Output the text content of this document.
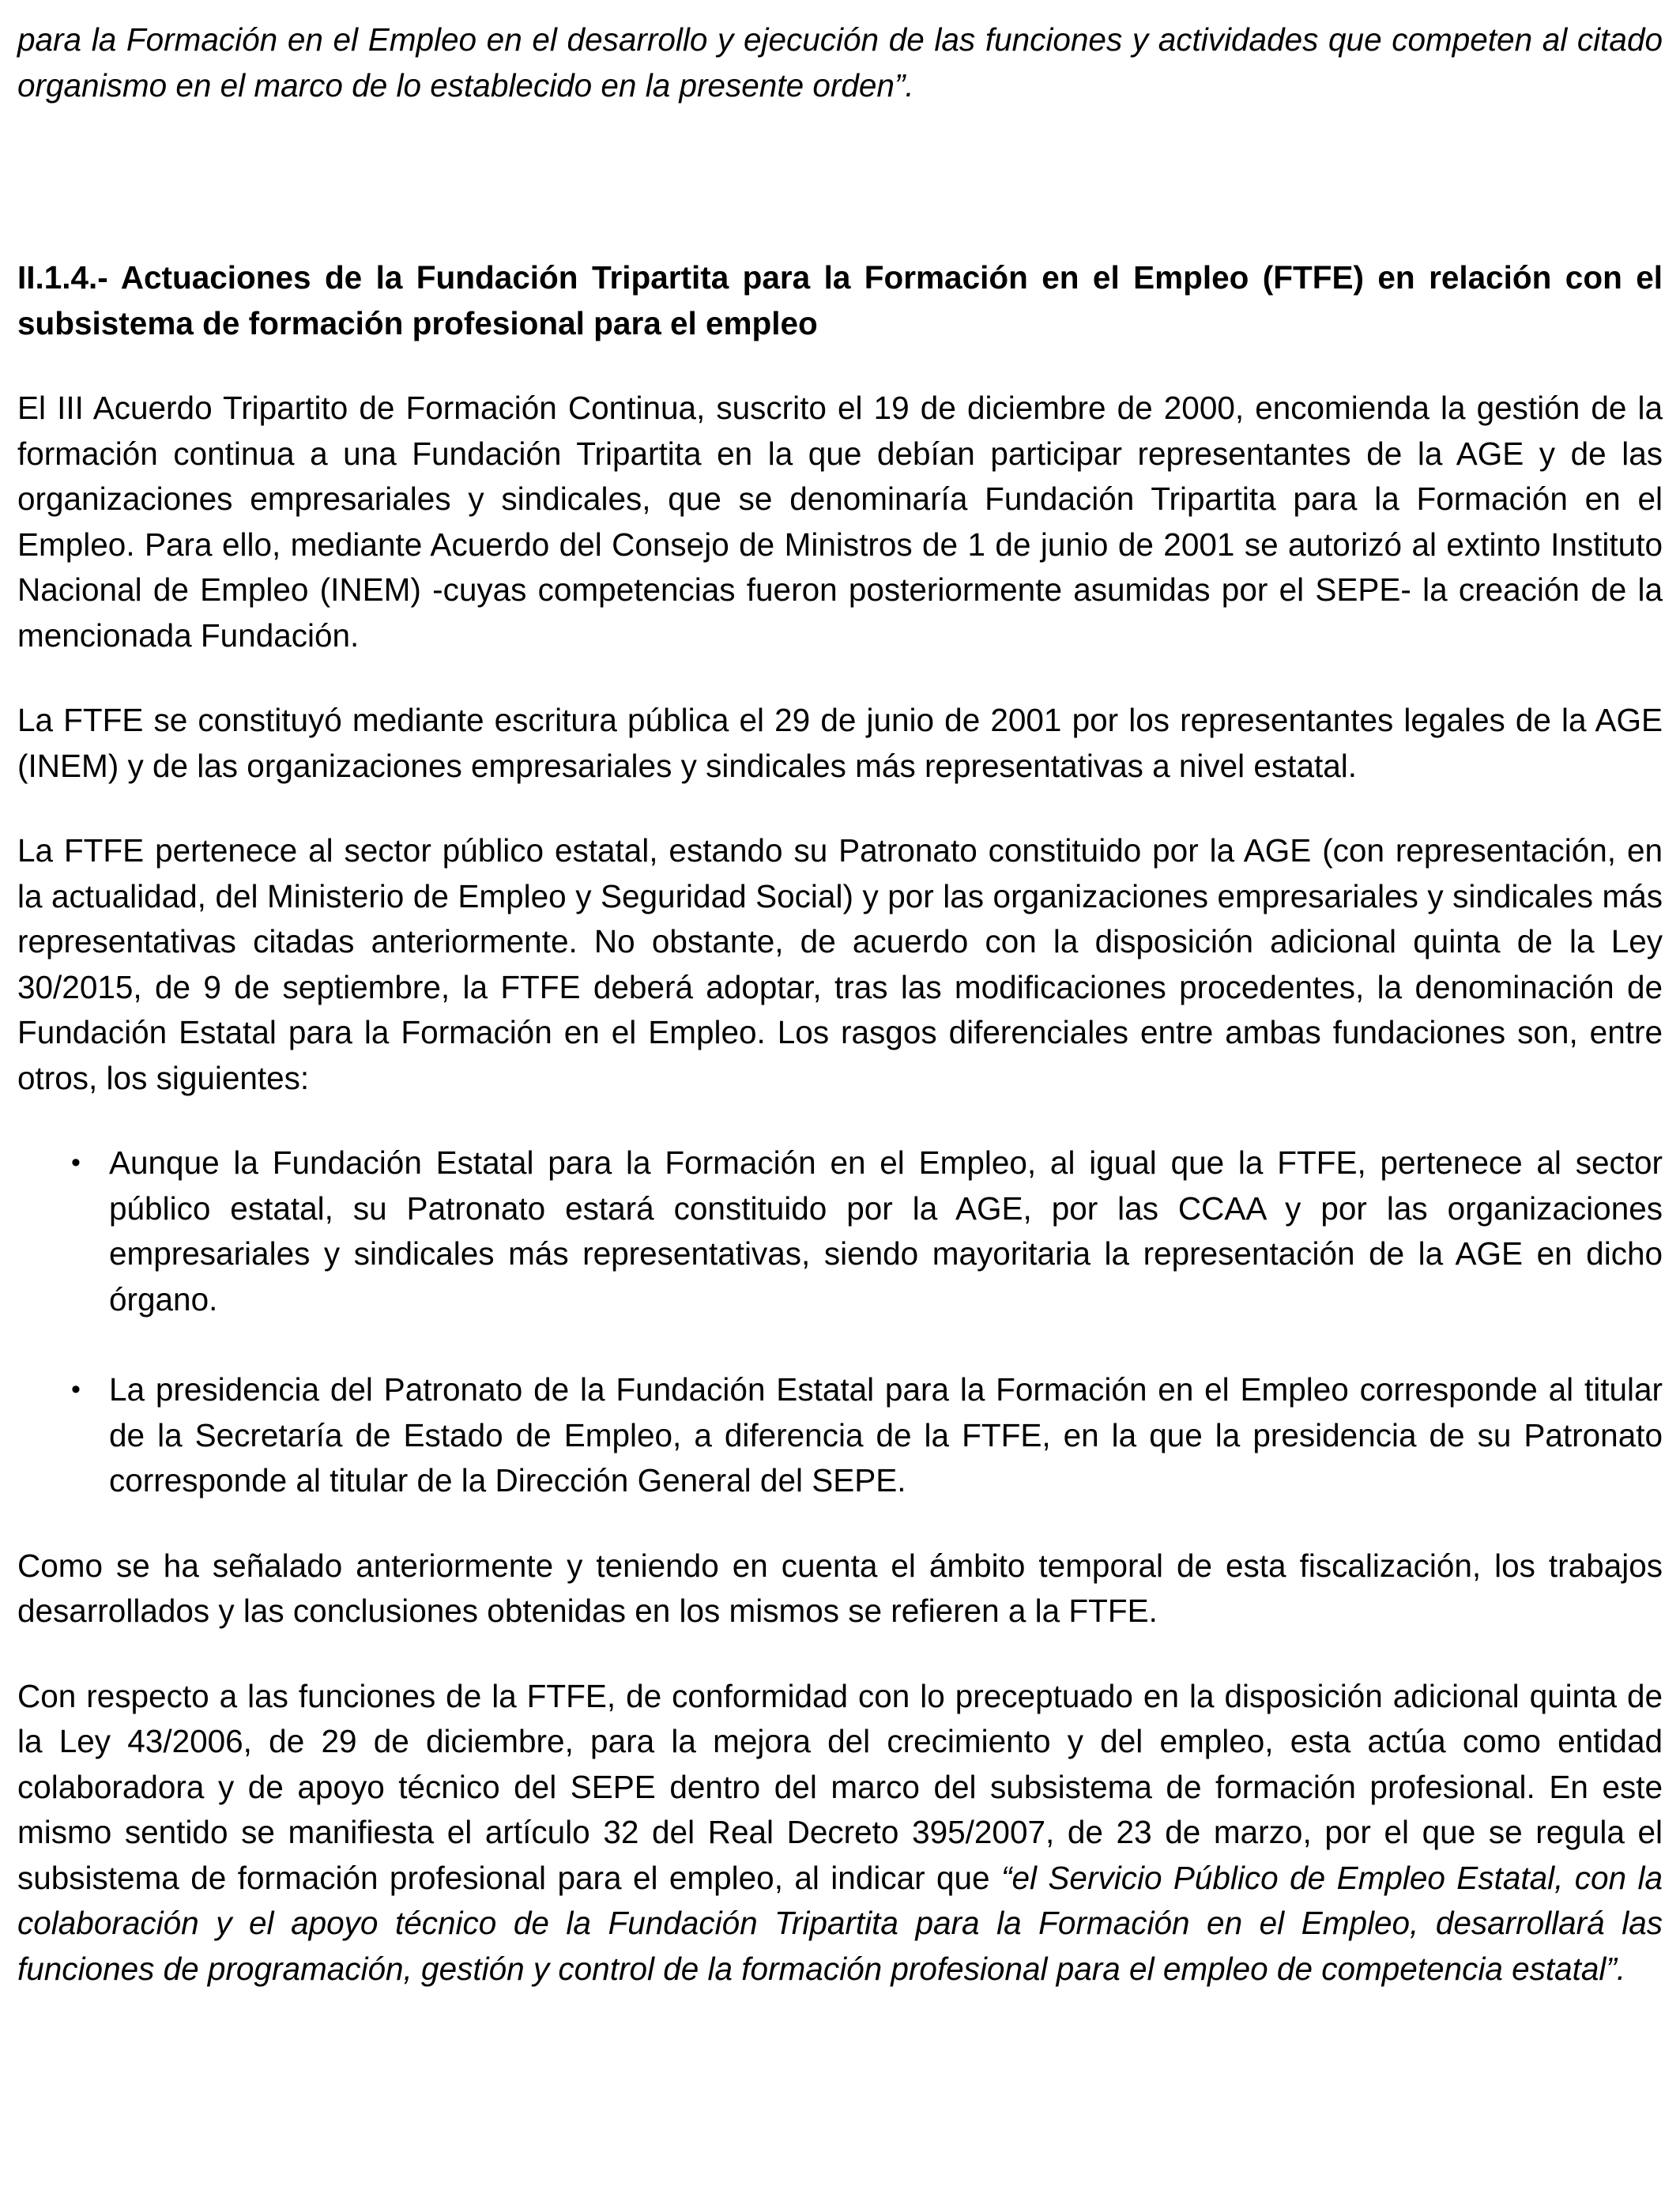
para la Formación en el Empleo en el desarrollo y ejecución de las funciones y actividades que competen al citado organismo en el marco de lo establecido en la presente orden”.

II.1.4.- Actuaciones de la Fundación Tripartita para la Formación en el Empleo (FTFE) en relación con el subsistema de formación profesional para el empleo

El III Acuerdo Tripartito de Formación Continua, suscrito el 19 de diciembre de 2000, encomienda la gestión de la formación continua a una Fundación Tripartita en la que debían participar representantes de la AGE y de las organizaciones empresariales y sindicales, que se denominaría Fundación Tripartita para la Formación en el Empleo. Para ello, mediante Acuerdo del Consejo de Ministros de 1 de junio de 2001 se autorizó al extinto Instituto Nacional de Empleo (INEM) -cuyas competencias fueron posteriormente asumidas por el SEPE- la creación de la mencionada Fundación.

La FTFE se constituyó mediante escritura pública el 29 de junio de 2001 por los representantes legales de la AGE (INEM) y de las organizaciones empresariales y sindicales más representativas a nivel estatal.

La FTFE pertenece al sector público estatal, estando su Patronato constituido por la AGE (con representación, en la actualidad, del Ministerio de Empleo y Seguridad Social) y por las organizaciones empresariales y sindicales más representativas citadas anteriormente. No obstante, de acuerdo con la disposición adicional quinta de la Ley 30/2015, de 9 de septiembre, la FTFE deberá adoptar, tras las modificaciones procedentes, la denominación de Fundación Estatal para la Formación en el Empleo. Los rasgos diferenciales entre ambas fundaciones son, entre otros, los siguientes:

• Aunque la Fundación Estatal para la Formación en el Empleo, al igual que la FTFE, pertenece al sector público estatal, su Patronato estará constituido por la AGE, por las CCAA y por las organizaciones empresariales y sindicales más representativas, siendo mayoritaria la representación de la AGE en dicho órgano.
• La presidencia del Patronato de la Fundación Estatal para la Formación en el Empleo corresponde al titular de la Secretaría de Estado de Empleo, a diferencia de la FTFE, en la que la presidencia de su Patronato corresponde al titular de la Dirección General del SEPE.

Como se ha señalado anteriormente y teniendo en cuenta el ámbito temporal de esta fiscalización, los trabajos desarrollados y las conclusiones obtenidas en los mismos se refieren a la FTFE.

Con respecto a las funciones de la FTFE, de conformidad con lo preceptuado en la disposición adicional quinta de la Ley 43/2006, de 29 de diciembre, para la mejora del crecimiento y del empleo, esta actúa como entidad colaboradora y de apoyo técnico del SEPE dentro del marco del subsistema de formación profesional. En este mismo sentido se manifiesta el artículo 32 del Real Decreto 395/2007, de 23 de marzo, por el que se regula el subsistema de formación profesional para el empleo, al indicar que “el Servicio Público de Empleo Estatal, con la colaboración y el apoyo técnico de la Fundación Tripartita para la Formación en el Empleo, desarrollará las funciones de programación, gestión y control de la formación profesional para el empleo de competencia estatal”.
